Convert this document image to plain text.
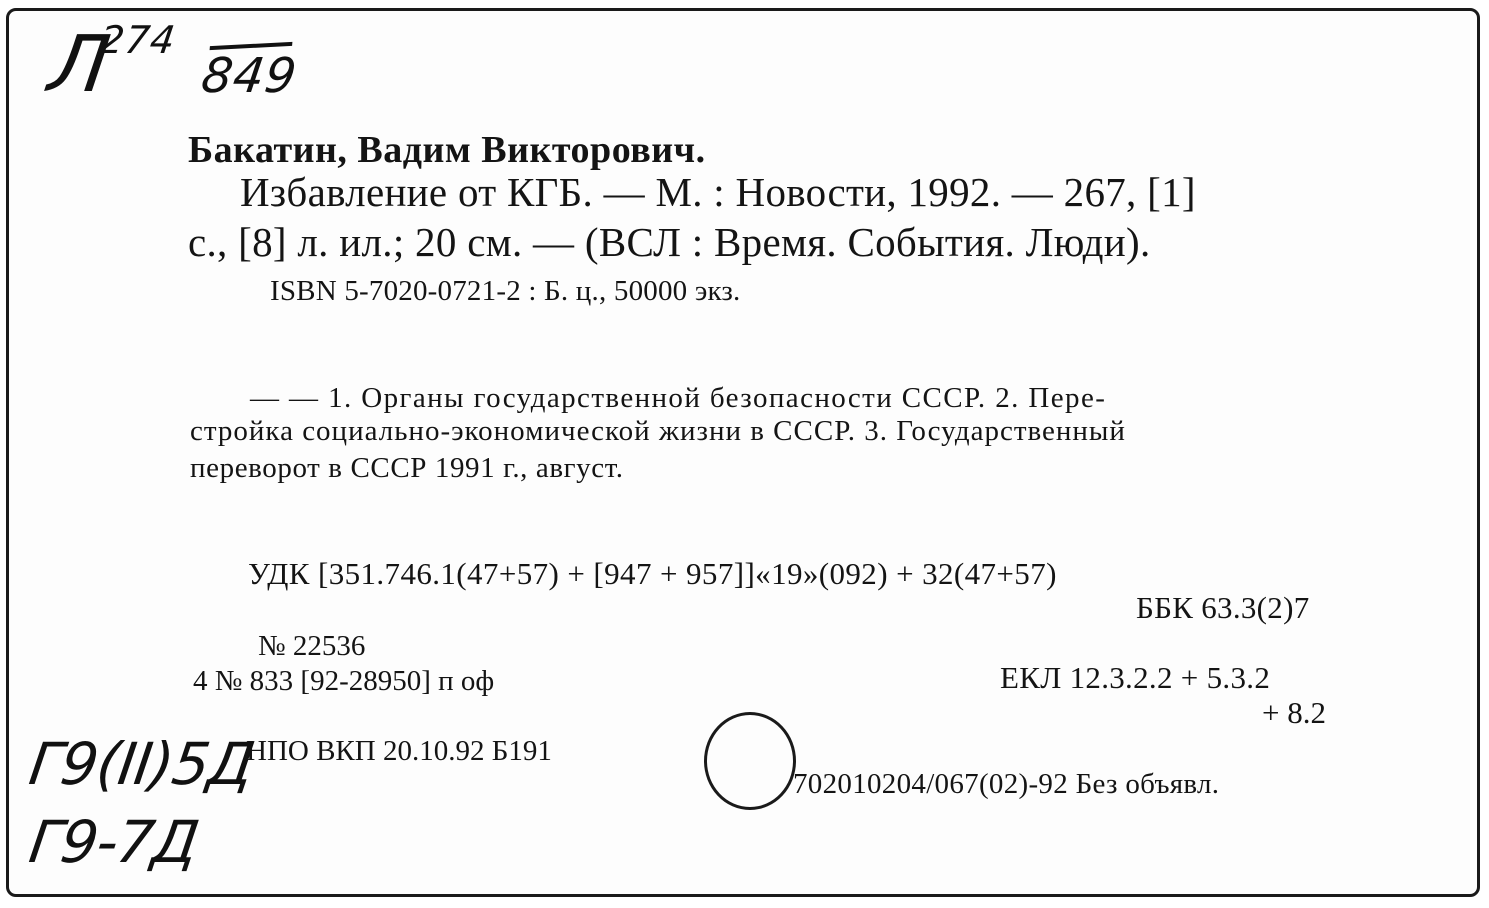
Л
274
849
Бакатин, Вадим Викторович.
Избавление от КГБ. — М. : Новости, 1992. — 267, [1]
с., [8] л. ил.; 20 см. — (ВСЛ : Время. События. Люди).
ISBN 5-7020-0721-2 : Б. ц., 50000 экз.
— — 1. Органы государственной безопасности СССР. 2. Пере-
стройка социально-экономической жизни в СССР. 3. Государственный
переворот в СССР 1991 г., август.
УДК [351.746.1(47+57) + [947 + 957]]«19»(092) + 32(47+57)
ББК 63.3(2)7
№ 22536
4 № 833 [92-28950] п оф	ЕКЛ 12.3.2.2 + 5.3.2
+ 8.2
НПО ВКП 20.10.92 Б191
702010204/067(02)-92 Без объявл.
Г9(II)5Д
Г9-7Д
